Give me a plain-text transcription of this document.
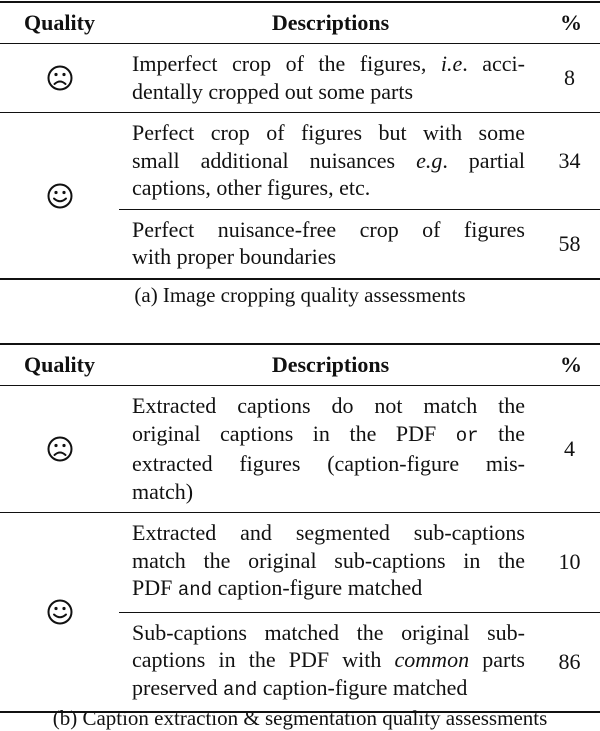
Quality	Descriptions	%

Imperfect crop of the figures, i.e. acci-
dentally cropped out some parts	8

Perfect crop of figures but with some
small additional nuisances e.g. partial
captions, other figures, etc.	34

	Perfect nuisance-free crop of figures
with proper boundaries	58
(a) Image cropping quality assessments
Quality	Descriptions	%

Extracted captions do not match the
original captions in the PDF or the
extracted figures (caption-figure mis-
match)	4

Extracted and segmented sub-captions
match the original sub-captions in the
PDF and caption-figure matched	10

	Sub-captions matched the original sub-
captions in the PDF with common parts
preserved and caption-figure matched	86
(b) Caption extraction & segmentation quality assessments
